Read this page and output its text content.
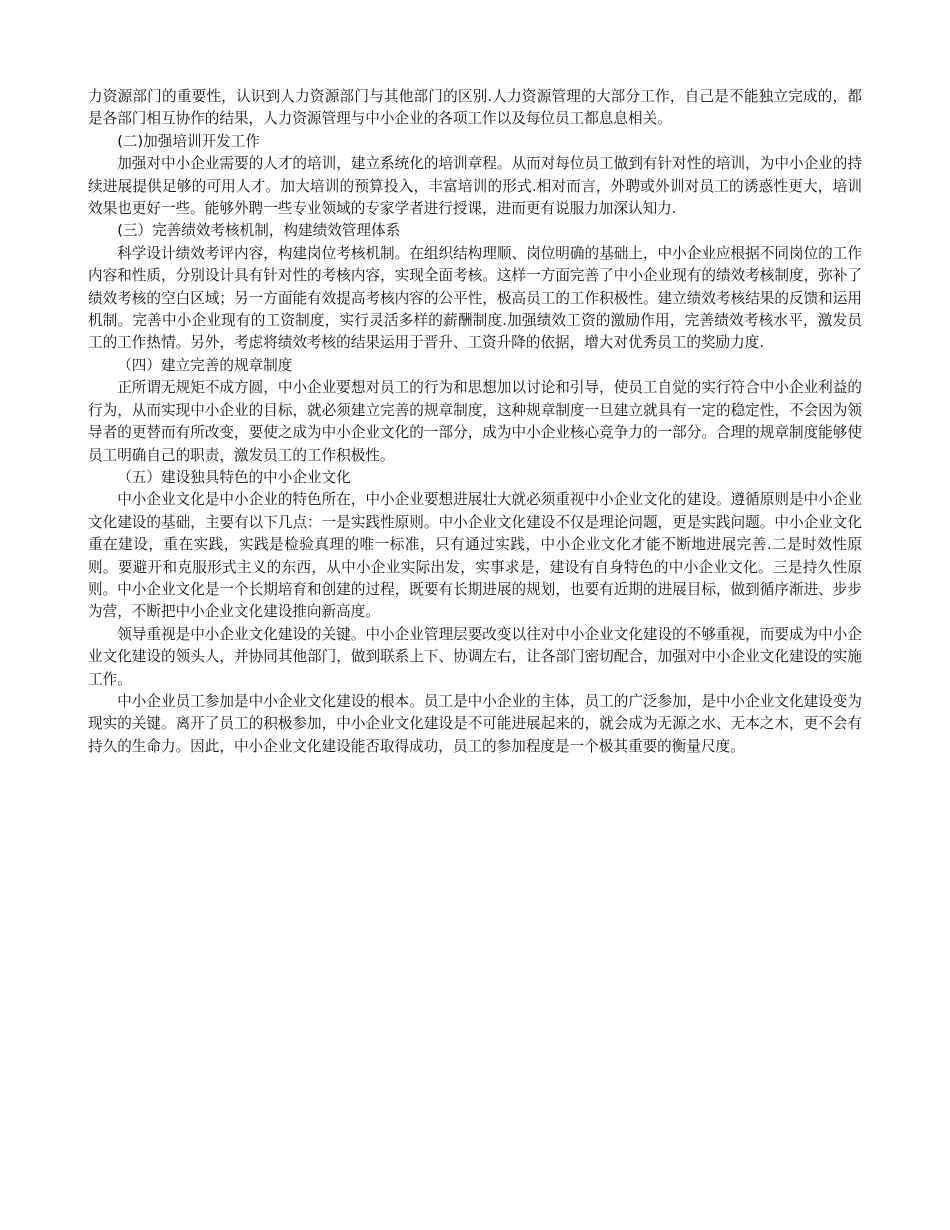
力资源部门的重要性，认识到人力资源部门与其他部门的区别.人力资源管理的大部分工作，自己是不能独立完成的，都是各部门相互协作的结果，人力资源管理与中小企业的各项工作以及每位员工都息息相关。

(二)加强培训开发工作

加强对中小企业需要的人才的培训，建立系统化的培训章程。从而对每位员工做到有针对性的培训，为中小企业的持续进展提供足够的可用人才。加大培训的预算投入，丰富培训的形式.相对而言，外聘或外训对员工的诱惑性更大，培训效果也更好一些。能够外聘一些专业领域的专家学者进行授课，进而更有说服力加深认知力.

(三）完善绩效考核机制，构建绩效管理体系

科学设计绩效考评内容，构建岗位考核机制。在组织结构理顺、岗位明确的基础上，中小企业应根据不同岗位的工作内容和性质，分别设计具有针对性的考核内容，实现全面考核。这样一方面完善了中小企业现有的绩效考核制度，弥补了绩效考核的空白区域；另一方面能有效提高考核内容的公平性，极高员工的工作积极性。建立绩效考核结果的反馈和运用机制。完善中小企业现有的工资制度，实行灵活多样的薪酬制度.加强绩效工资的激励作用，完善绩效考核水平，激发员工的工作热情。另外，考虑将绩效考核的结果运用于晋升、工资升降的依据，增大对优秀员工的奖励力度.

（四）建立完善的规章制度

正所谓无规矩不成方圆，中小企业要想对员工的行为和思想加以讨论和引导，使员工自觉的实行符合中小企业利益的行为，从而实现中小企业的目标，就必须建立完善的规章制度，这种规章制度一旦建立就具有一定的稳定性，不会因为领导者的更替而有所改变，要使之成为中小企业文化的一部分，成为中小企业核心竞争力的一部分。合理的规章制度能够使员工明确自己的职责，激发员工的工作积极性。

（五）建设独具特色的中小企业文化

中小企业文化是中小企业的特色所在，中小企业要想进展壮大就必须重视中小企业文化的建设。遵循原则是中小企业文化建设的基础，主要有以下几点：一是实践性原则。中小企业文化建设不仅是理论问题，更是实践问题。中小企业文化重在建设，重在实践，实践是检验真理的唯一标准，只有通过实践，中小企业文化才能不断地进展完善.二是时效性原则。要避开和克服形式主义的东西，从中小企业实际出发，实事求是，建设有自身特色的中小企业文化。三是持久性原则。中小企业文化是一个长期培育和创建的过程，既要有长期进展的规划，也要有近期的进展目标，做到循序渐进、步步为营，不断把中小企业文化建设推向新高度。

领导重视是中小企业文化建设的关键。中小企业管理层要改变以往对中小企业文化建设的不够重视，而要成为中小企业文化建设的领头人，并协同其他部门，做到联系上下、协调左右，让各部门密切配合，加强对中小企业文化建设的实施工作。

中小企业员工参加是中小企业文化建设的根本。员工是中小企业的主体，员工的广泛参加，是中小企业文化建设变为现实的关键。离开了员工的积极参加，中小企业文化建设是不可能进展起来的，就会成为无源之水、无本之木，更不会有持久的生命力。因此，中小企业文化建设能否取得成功，员工的参加程度是一个极其重要的衡量尺度。
